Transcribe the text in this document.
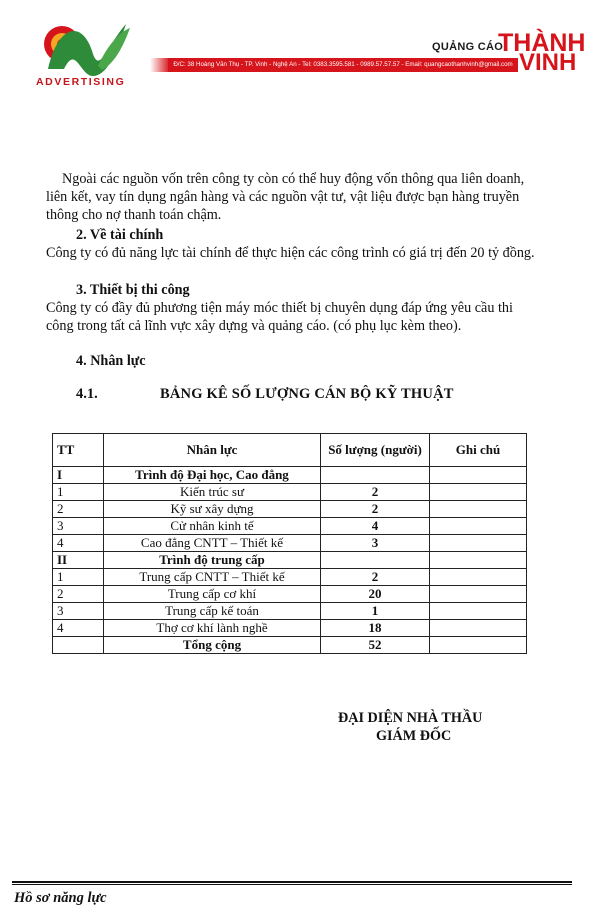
ADVERTISING
QUẢNG CÁO
THÀNH
VINH
Đ/C: 38 Hoàng Văn Thụ - TP. Vinh - Nghệ An - Tel: 0383.3595.581 - 0989.57.57.57 - Email: quangcaothanhvinh@gmail.com
Ngoài các nguồn vốn trên công ty còn có thể huy động vốn thông qua liên doanh, liên kết, vay tín dụng ngân hàng và các nguồn vật tư, vật liệu được bạn hàng truyền thông cho nợ thanh toán chậm.
2. Về tài chính
Công ty có đủ năng lực tài chính để thực hiện các công trình có giá trị đến 20 tỷ đồng.
3. Thiết bị thi công
Công ty có đầy đủ phương tiện máy móc thiết bị chuyên dụng đáp ứng yêu cầu thi công trong tất cả lĩnh vực xây dựng và quảng cáo. (có phụ lục kèm theo).
4. Nhân lực
4.1.	BẢNG KÊ SỐ LƯỢNG CÁN BỘ KỸ THUẬT
TT	Nhân lực	Số lượng (người)	Ghi chú
I	Trình độ Đại học, Cao đẳng		
1	Kiến trúc sư	2	
2	Kỹ sư xây dựng	2	
3	Cử nhân kinh tế	4	
4	Cao đẳng CNTT – Thiết kế	3	
II	Trình độ trung cấp		
1	Trung cấp CNTT – Thiết kế	2	
2	Trung cấp cơ khí	20	
3	Trung cấp kế toán	1	
4	Thợ cơ khí lành nghề	18	
	Tổng cộng	52	
ĐẠI DIỆN NHÀ THẦU
GIÁM ĐỐC
Hồ sơ năng lực
